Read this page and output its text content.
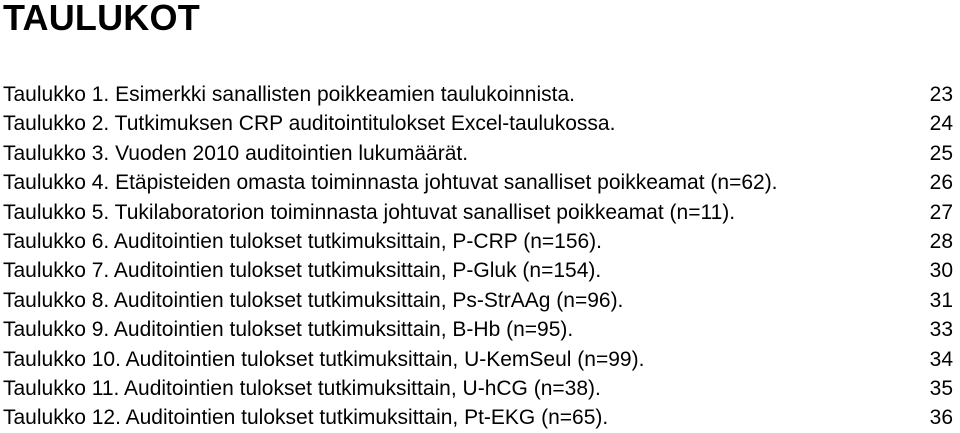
TAULUKOT
Taulukko 1. Esimerkki sanallisten poikkeamien taulukoinnista.	23
Taulukko 2. Tutkimuksen CRP auditointitulokset Excel-taulukossa.	24
Taulukko 3. Vuoden 2010 auditointien lukumäärät.	25
Taulukko 4. Etäpisteiden omasta toiminnasta johtuvat sanalliset poikkeamat (n=62).	26
Taulukko 5. Tukilaboratorion toiminnasta johtuvat sanalliset poikkeamat (n=11).	27
Taulukko 6. Auditointien tulokset tutkimuksittain, P-CRP (n=156).	28
Taulukko 7. Auditointien tulokset tutkimuksittain, P-Gluk (n=154).	30
Taulukko 8. Auditointien tulokset tutkimuksittain, Ps-StrAAg (n=96).	31
Taulukko 9. Auditointien tulokset tutkimuksittain, B-Hb (n=95).	33
Taulukko 10. Auditointien tulokset tutkimuksittain, U-KemSeul (n=99).	34
Taulukko 11. Auditointien tulokset tutkimuksittain, U-hCG (n=38).	35
Taulukko 12. Auditointien tulokset tutkimuksittain, Pt-EKG (n=65).	36
